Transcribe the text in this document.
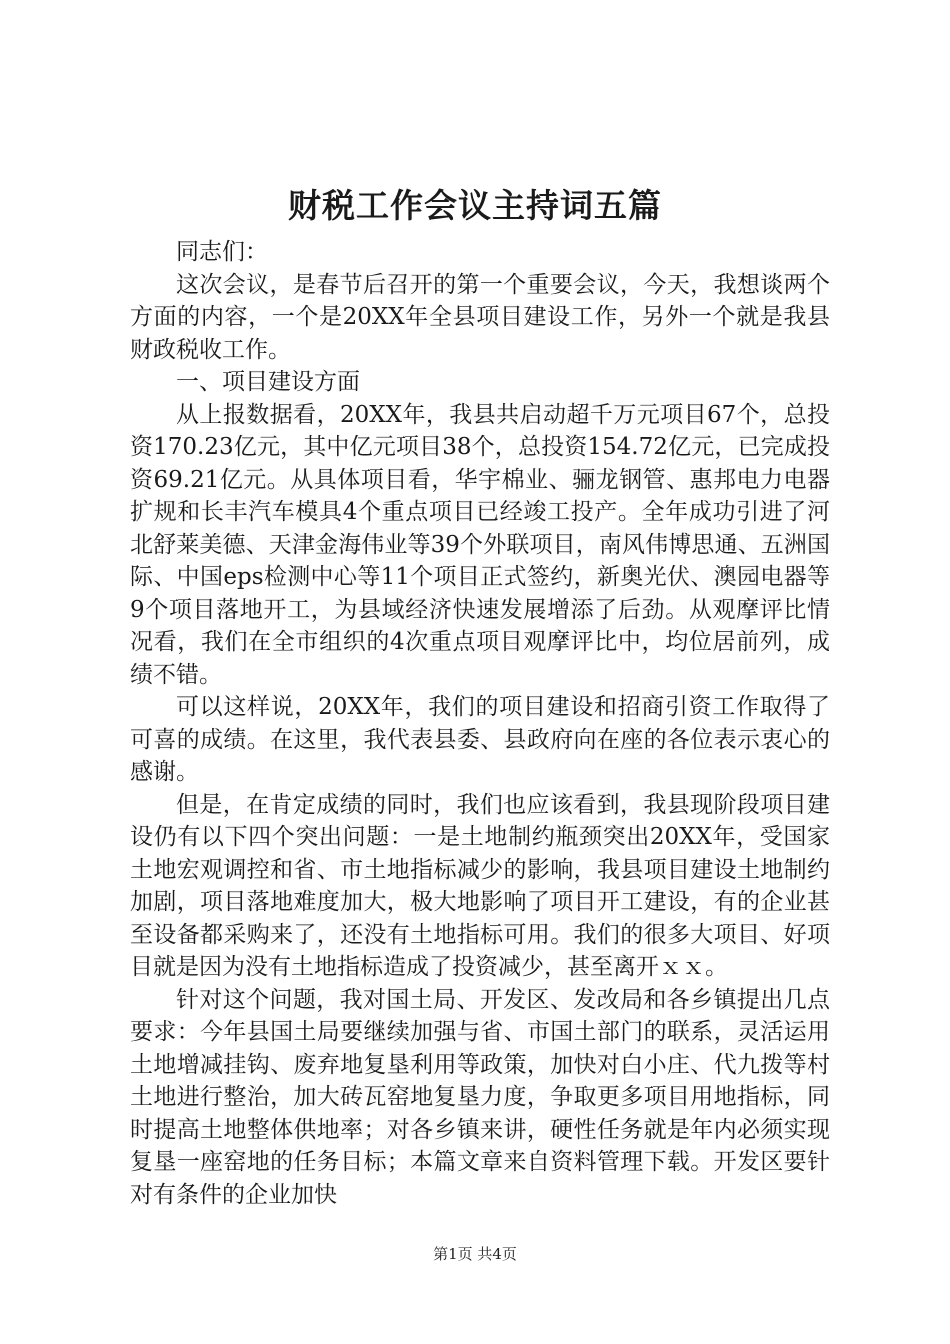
财税工作会议主持词五篇

同志们：

这次会议，是春节后召开的第一个重要会议，今天，我想谈两个方面的内容，一个是20XX年全县项目建设工作，另外一个就是我县财政税收工作。

一、项目建设方面

从上报数据看，20XX年，我县共启动超千万元项目67个，总投资170.23亿元，其中亿元项目38个，总投资154.72亿元，已完成投资69.21亿元。从具体项目看，华宇棉业、骊龙钢管、惠邦电力电器扩规和长丰汽车模具4个重点项目已经竣工投产。全年成功引进了河北舒莱美德、天津金海伟业等39个外联项目，南风伟博思通、五洲国际、中国eps检测中心等11个项目正式签约，新奥光伏、澳园电器等9个项目落地开工，为县域经济快速发展增添了后劲。从观摩评比情况看，我们在全市组织的4次重点项目观摩评比中，均位居前列，成绩不错。

可以这样说，20XX年，我们的项目建设和招商引资工作取得了可喜的成绩。在这里，我代表县委、县政府向在座的各位表示衷心的感谢。

但是，在肯定成绩的同时，我们也应该看到，我县现阶段项目建设仍有以下四个突出问题：一是土地制约瓶颈突出20XX年，受国家土地宏观调控和省、市土地指标减少的影响，我县项目建设土地制约加剧，项目落地难度加大，极大地影响了项目开工建设，有的企业甚至设备都采购来了，还没有土地指标可用。我们的很多大项目、好项目就是因为没有土地指标造成了投资减少，甚至离开ｘｘ。

针对这个问题，我对国土局、开发区、发改局和各乡镇提出几点要求：今年县国土局要继续加强与省、市国土部门的联系，灵活运用土地增减挂钩、废弃地复垦利用等政策，加快对白小庄、代九拨等村土地进行整治，加大砖瓦窑地复垦力度，争取更多项目用地指标，同时提高土地整体供地率；对各乡镇来讲，硬性任务就是年内必须实现复垦一座窑地的任务目标；本篇文章来自资料管理下载。开发区要针对有条件的企业加快

第1页 共4页
